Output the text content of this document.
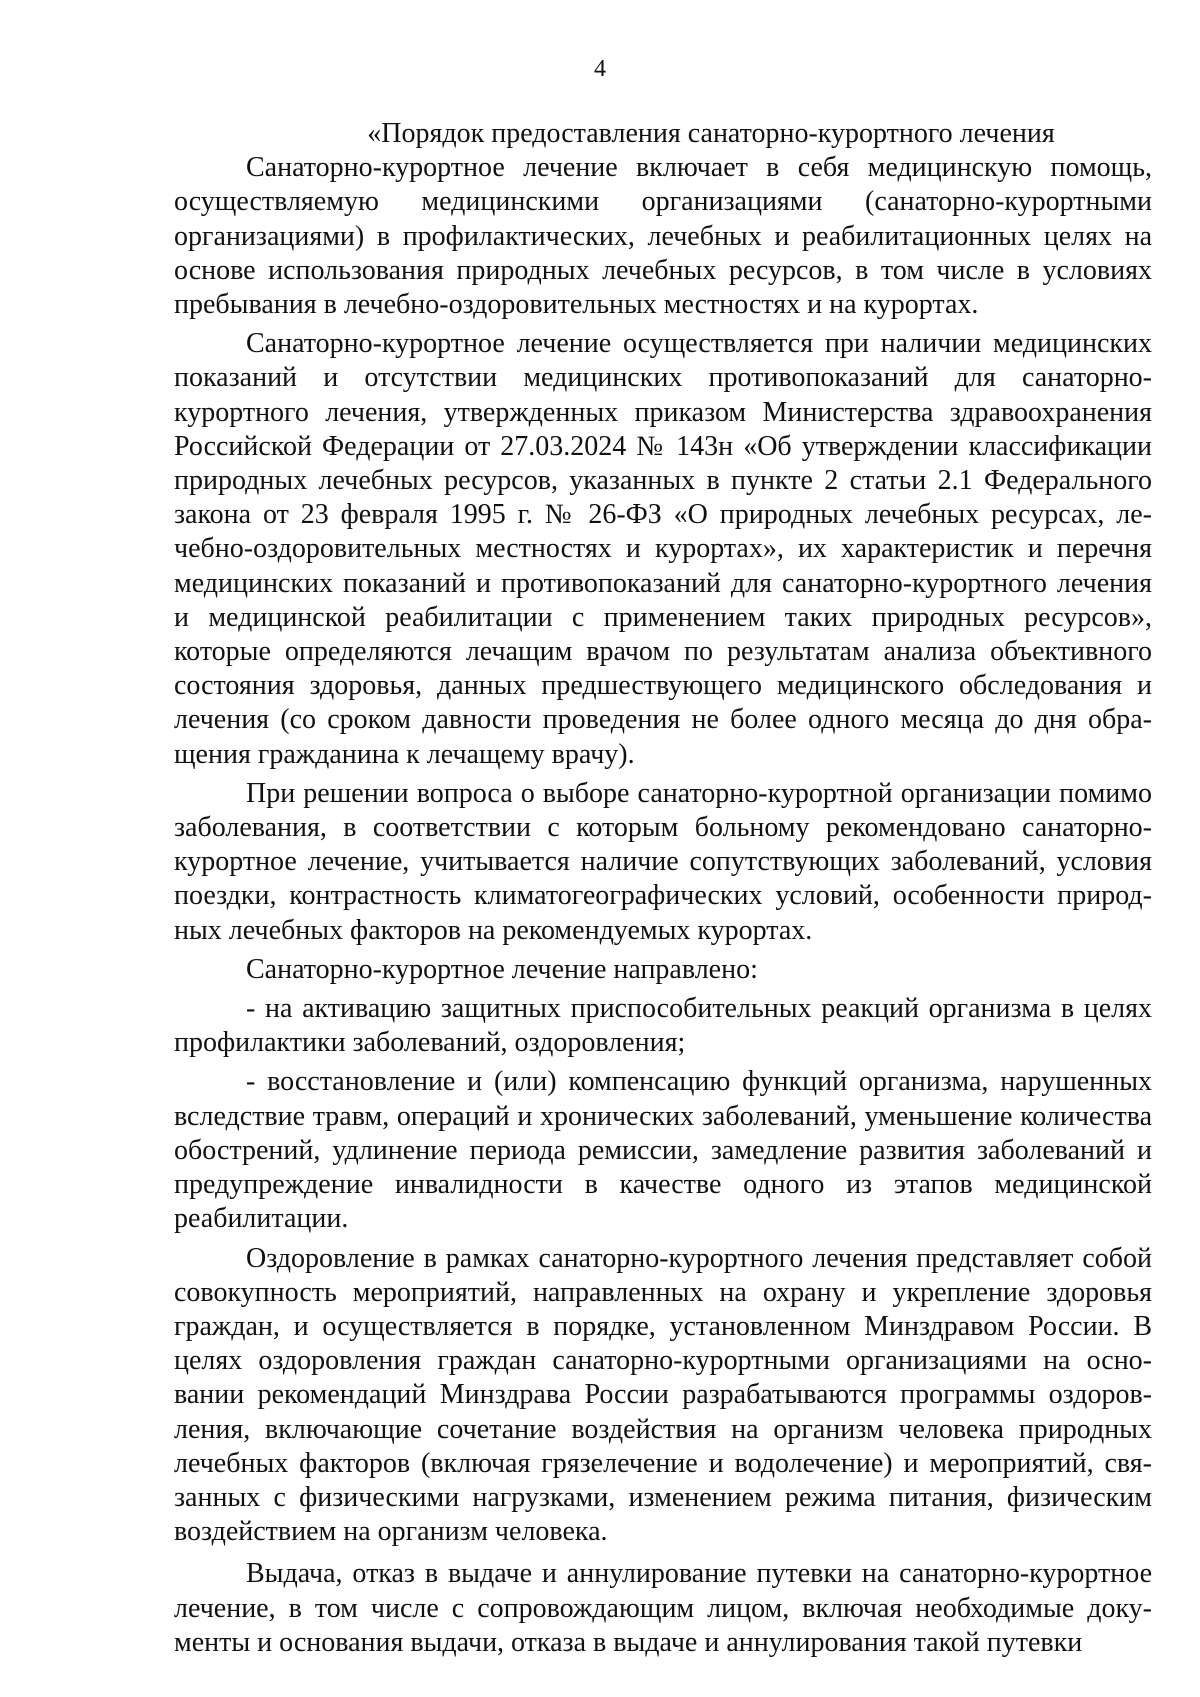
4

«Порядок предоставления санаторно-курортного лечения

Санаторно-курортное лечение включает в себя медицинскую помощь, осуществляемую медицинскими организациями (санаторно-курортными организациями) в профилактических, лечебных и реабилитационных целях на основе использования природных лечебных ресурсов, в том числе в условиях пребывания в лечебно-оздоровительных местностях и на курортах.

Санаторно-курортное лечение осуществляется при наличии медицинских показаний и отсутствии медицинских противопоказаний для санаторно-курортного лечения, утвержденных приказом Министерства здравоохранения Российской Федерации от 27.03.2024 № 143н «Об утверждении классификации природных лечебных ресурсов, указанных в пункте 2 статьи 2.1 Федерального закона от 23 февраля 1995 г. № 26-ФЗ «О природных лечебных ресурсах, лечебно-оздоровительных местностях и курортах», их характеристик и перечня медицинских показаний и противопоказаний для санаторно-курортного лечения и медицинской реабилитации с применением таких природных ресурсов», которые определяются лечащим врачом по результатам анализа объективного состояния здоровья, данных предшествующего медицинского обследования и лечения (со сроком давности проведения не более одного месяца до дня обращения гражданина к лечащему врачу).

При решении вопроса о выборе санаторно-курортной организации помимо заболевания, в соответствии с которым больному рекомендовано санаторно-курортное лечение, учитывается наличие сопутствующих заболеваний, условия поездки, контрастность климатогеографических условий, особенности природных лечебных факторов на рекомендуемых курортах.

Санаторно-курортное лечение направлено:

- на активацию защитных приспособительных реакций организма в целях профилактики заболеваний, оздоровления;

- восстановление и (или) компенсацию функций организма, нарушенных вследствие травм, операций и хронических заболеваний, уменьшение количества обострений, удлинение периода ремиссии, замедление развития заболеваний и предупреждение инвалидности в качестве одного из этапов медицинской реабилитации.

Оздоровление в рамках санаторно-курортного лечения представляет собой совокупность мероприятий, направленных на охрану и укрепление здоровья граждан, и осуществляется в порядке, установленном Минздравом России. В целях оздоровления граждан санаторно-курортными организациями на основании рекомендаций Минздрава России разрабатываются программы оздоровления, включающие сочетание воздействия на организм человека природных лечебных факторов (включая грязелечение и водолечение) и мероприятий, связанных с физическими нагрузками, изменением режима питания, физическим воздействием на организм человека.

Выдача, отказ в выдаче и аннулирование путевки на санаторно-курортное лечение, в том числе с сопровождающим лицом, включая необходимые документы и основания выдачи, отказа в выдаче и аннулирования такой путевки
